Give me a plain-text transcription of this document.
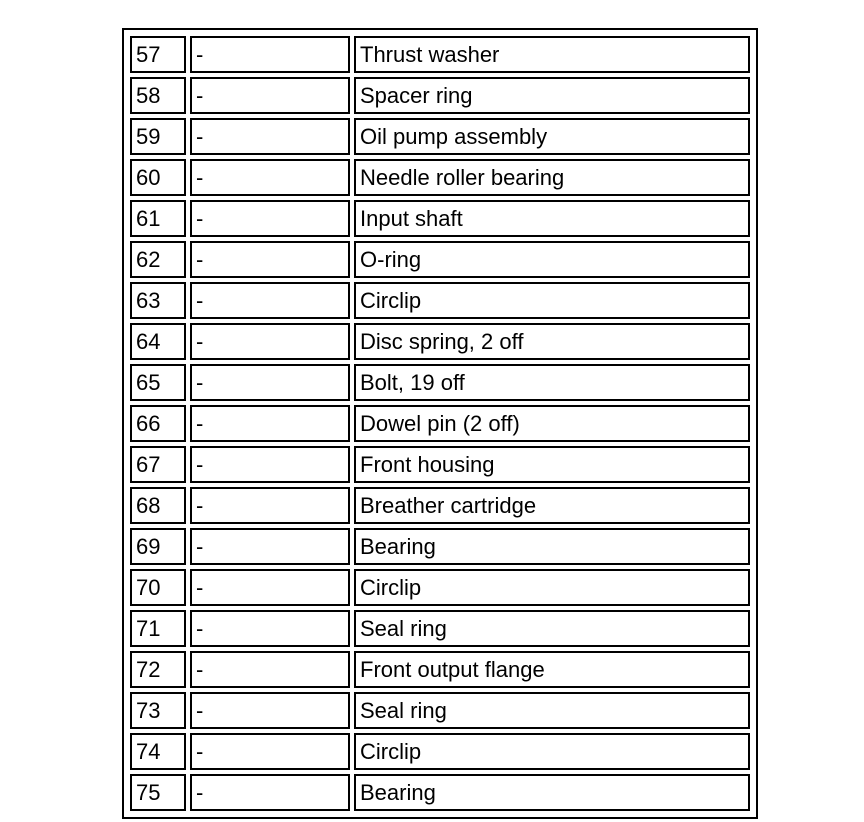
57	-	Thrust washer
58	-	Spacer ring
59	-	Oil pump assembly
60	-	Needle roller bearing
61	-	Input shaft
62	-	O-ring
63	-	Circlip
64	-	Disc spring, 2 off
65	-	Bolt, 19 off
66	-	Dowel pin (2 off)
67	-	Front housing
68	-	Breather cartridge
69	-	Bearing
70	-	Circlip
71	-	Seal ring
72	-	Front output flange
73	-	Seal ring
74	-	Circlip
75	-	Bearing
